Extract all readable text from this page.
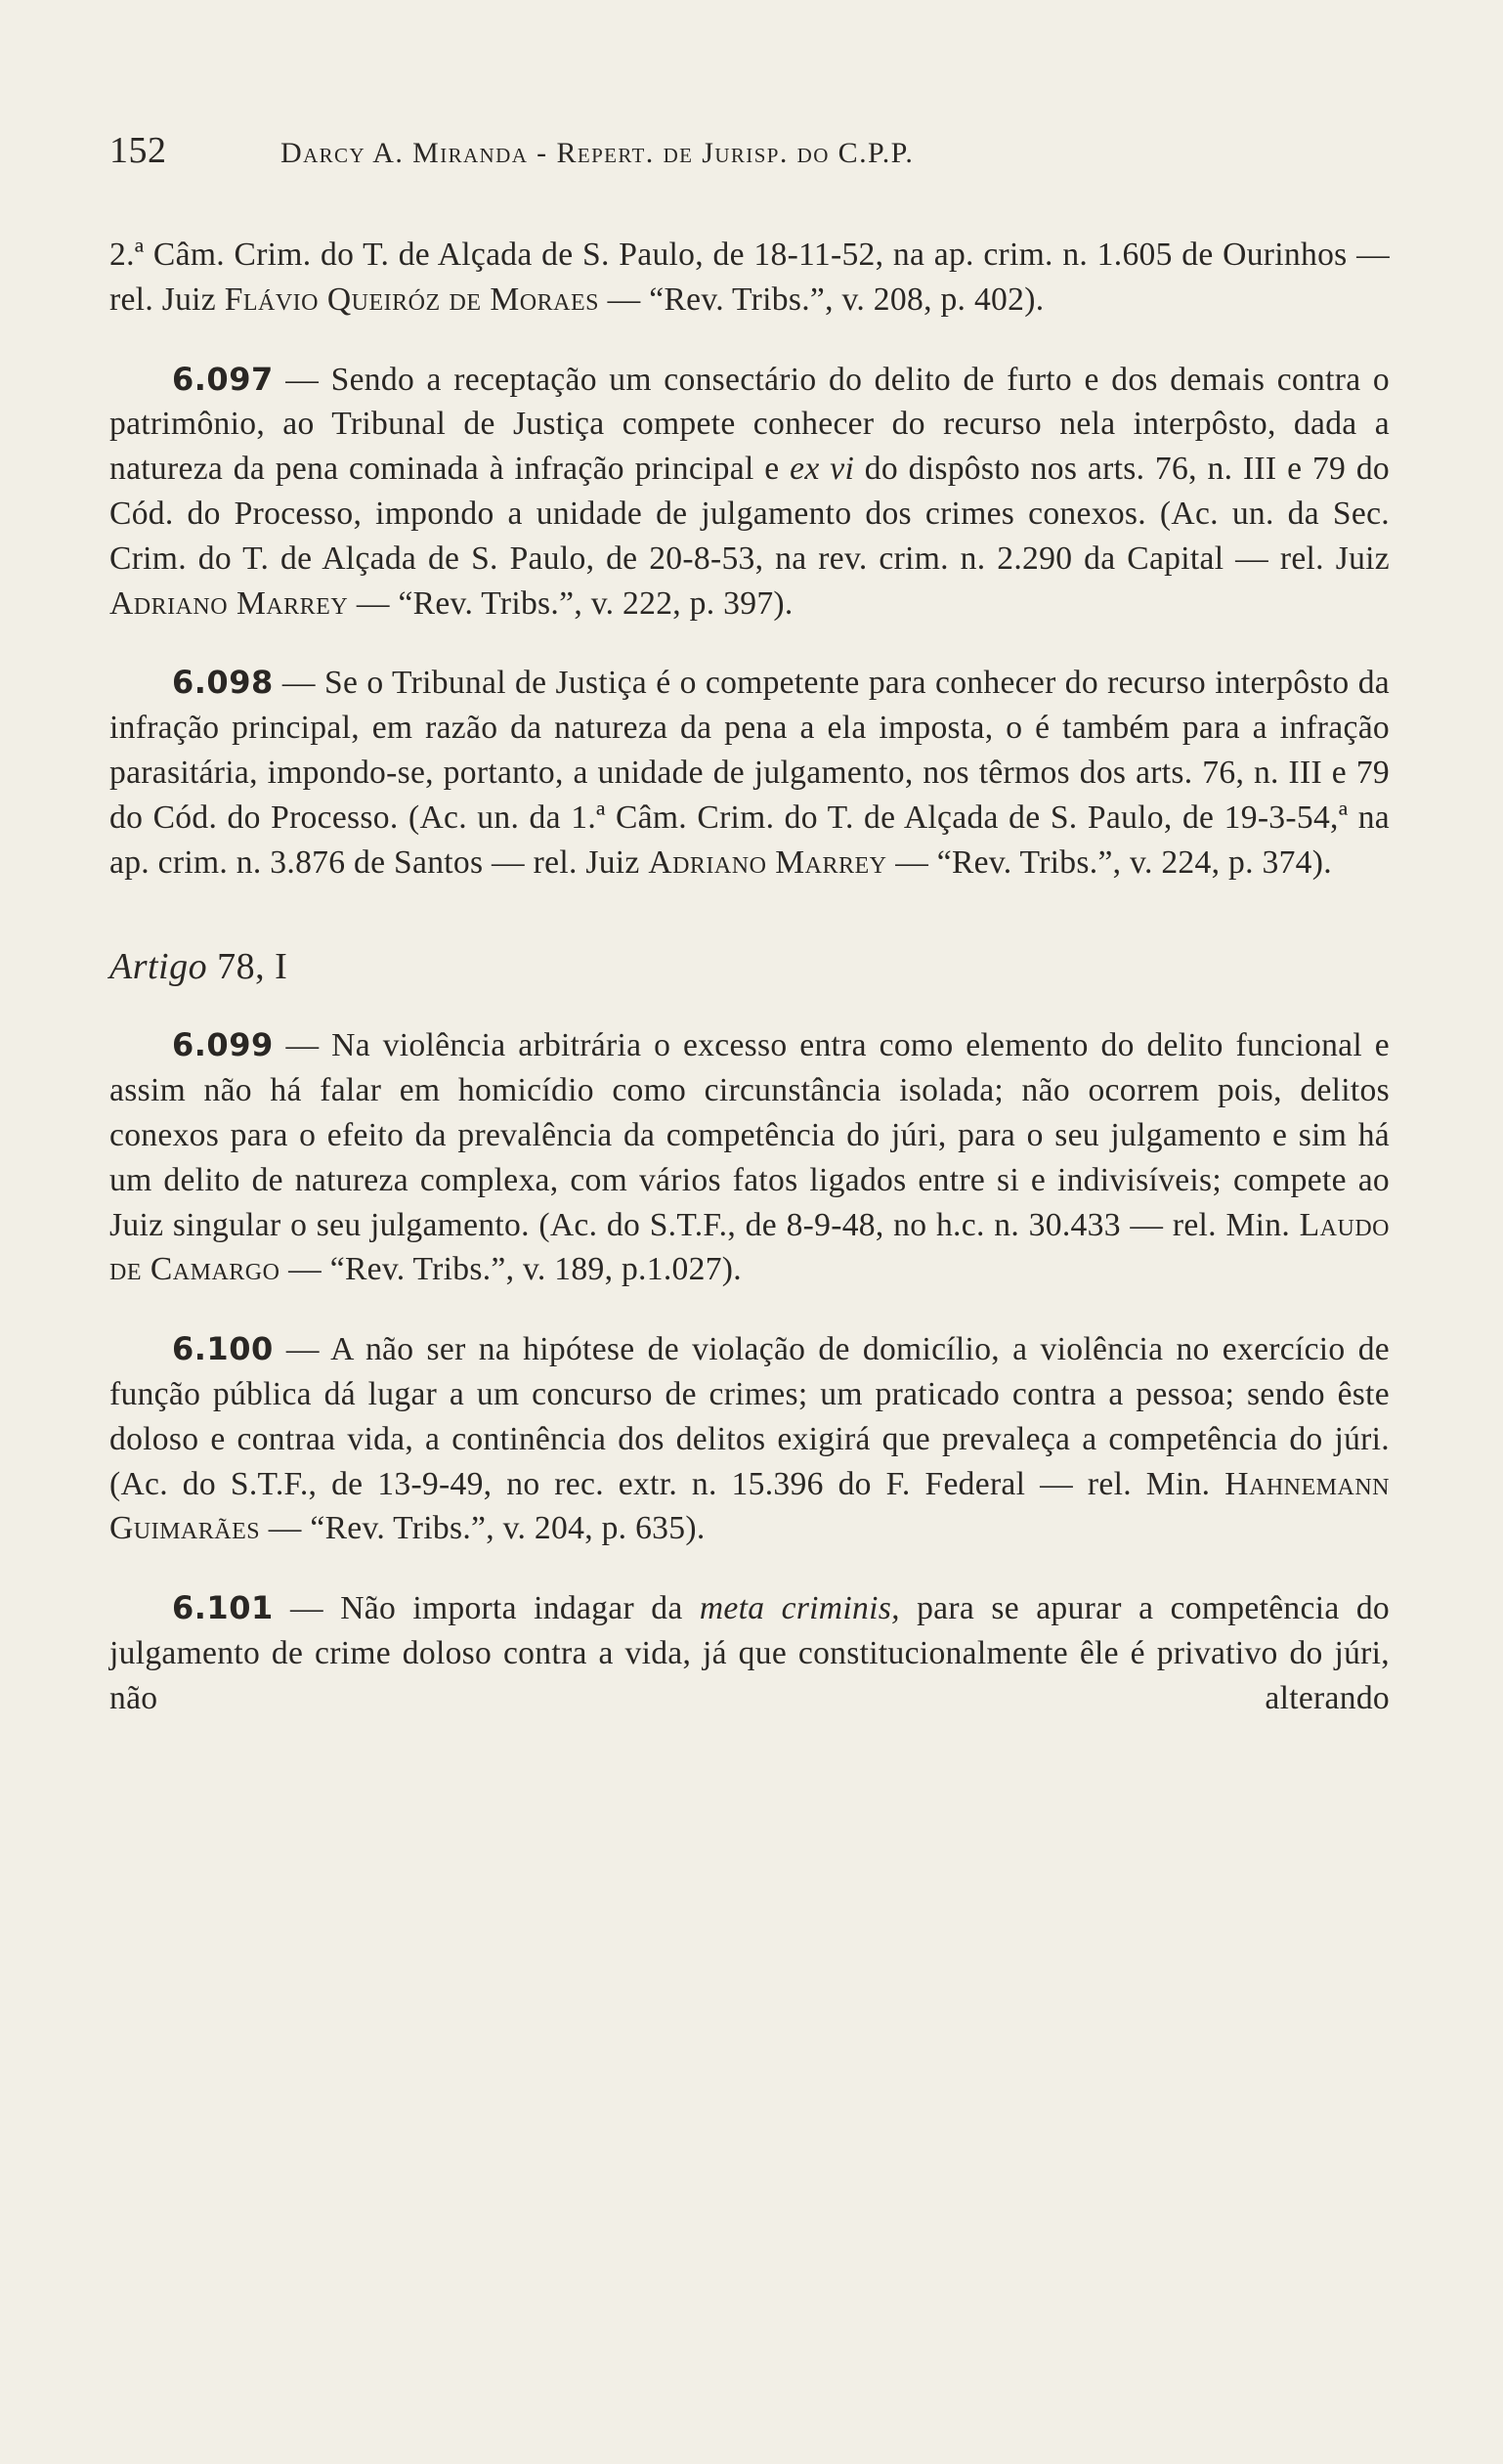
152	Darcy A. Miranda - Repert. de Jurisp. do C.P.P.

2.ª Câm. Crim. do T. de Alçada de S. Paulo, de 18-11-52, na ap. crim. n. 1.605 de Ourinhos — rel. Juiz Flávio Queiróz de Moraes — “Rev. Tribs.”, v. 208, p. 402).

6.097 — Sendo a receptação um consectário do delito de furto e dos demais contra o patrimônio, ao Tribunal de Justiça compete conhecer do recurso nela interpôsto, dada a natureza da pena cominada à infração principal e ex vi do dispôsto nos arts. 76, n. III e 79 do Cód. do Processo, impondo a unidade de julgamento dos crimes conexos. (Ac. un. da Sec. Crim. do T. de Alçada de S. Paulo, de 20-8-53, na rev. crim. n. 2.290 da Capital — rel. Juiz Adriano Marrey — “Rev. Tribs.”, v. 222, p. 397).

6.098 — Se o Tribunal de Justiça é o competente para conhecer do recurso interpôsto da infração principal, em razão da natureza da pena a ela imposta, o é também para a infração parasitária, impondo-se, portanto, a unidade de julgamento, nos têrmos dos arts. 76, n. III e 79 do Cód. do Processo. (Ac. un. da 1.ª Câm. Crim. do T. de Alçada de S. Paulo, de 19-3-54,ª na ap. crim. n. 3.876 de Santos — rel. Juiz Adriano Marrey — “Rev. Tribs.”, v. 224, p. 374).

Artigo 78, I

6.099 — Na violência arbitrária o excesso entra como elemento do delito funcional e assim não há falar em homicídio como circunstância isolada; não ocorrem pois, delitos conexos para o efeito da prevalência da competência do júri, para o seu julgamento e sim há um delito de natureza complexa, com vários fatos ligados entre si e indivisíveis; compete ao Juiz singular o seu julgamento. (Ac. do S.T.F., de 8-9-48, no h.c. n. 30.433 — rel. Min. Laudo de Camargo — “Rev. Tribs.”, v. 189, p.1.027).

6.100 — A não ser na hipótese de violação de domicílio, a violência no exercício de função pública dá lugar a um concurso de crimes; um praticado contra a pessoa; sendo êste doloso e contraa vida, a continência dos delitos exigirá que prevaleça a competência do júri. (Ac. do S.T.F., de 13-9-49, no rec. extr. n. 15.396 do F. Federal — rel. Min. Hahnemann Guimarães — “Rev. Tribs.”, v. 204, p. 635).

6.101 — Não importa indagar da meta criminis, para se apurar a competência do julgamento de crime doloso contra a vida, já que constitucionalmente êle é privativo do júri, não alterando
